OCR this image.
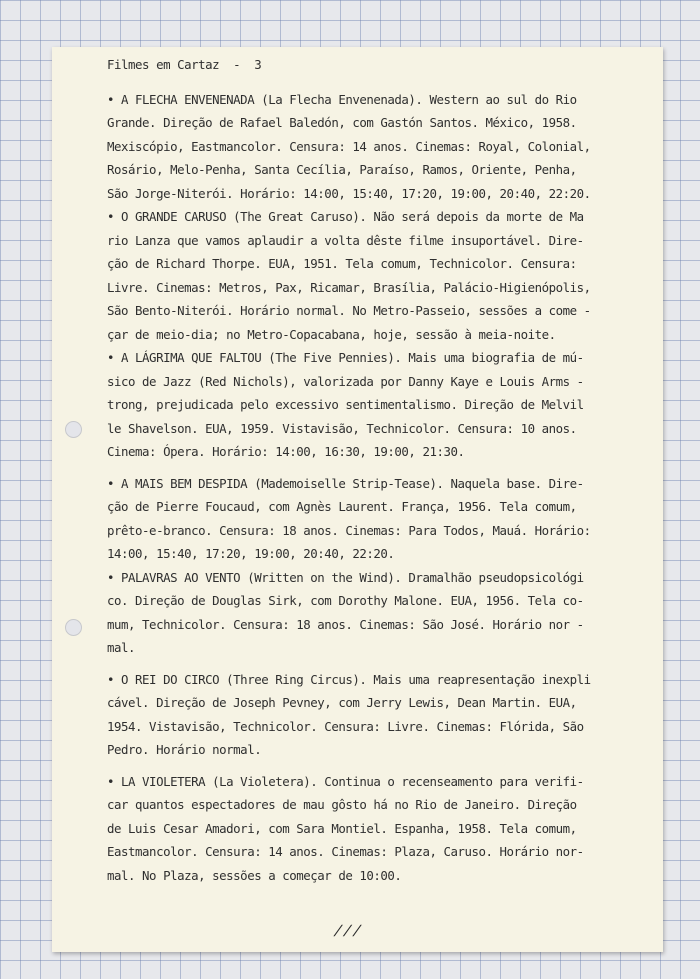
Filmes em Cartaz  -  3
• A FLECHA ENVENENADA (La Flecha Envenenada). Western ao sul do Rio
Grande. Direção de Rafael Baledón, com Gastón Santos. México, 1958.
Mexiscópio, Eastmancolor. Censura: 14 anos. Cinemas: Royal, Colonial,
Rosário, Melo-Penha, Santa Cecília, Paraíso, Ramos, Oriente, Penha,
São Jorge-Niterói. Horário: 14:00, 15:40, 17:20, 19:00, 20:40, 22:20.
• O GRANDE CARUSO (The Great Caruso). Não será depois da morte de Ma
rio Lanza que vamos aplaudir a volta dêste filme insuportável. Dire-
ção de Richard Thorpe. EUA, 1951. Tela comum, Technicolor. Censura:
Livre. Cinemas: Metros, Pax, Ricamar, Brasília, Palácio-Higienópolis,
São Bento-Niterói. Horário normal. No Metro-Passeio, sessões a come -
çar de meio-dia; no Metro-Copacabana, hoje, sessão à meia-noite.
• A LÁGRIMA QUE FALTOU (The Five Pennies). Mais uma biografia de mú-
sico de Jazz (Red Nichols), valorizada por Danny Kaye e Louis Arms -
trong, prejudicada pelo excessivo sentimentalismo. Direção de Melvil
le Shavelson. EUA, 1959. Vistavisão, Technicolor. Censura: 10 anos.
Cinema: Ópera. Horário: 14:00, 16:30, 19:00, 21:30.
• A MAIS BEM DESPIDA (Mademoiselle Strip-Tease). Naquela base. Dire-
ção de Pierre Foucaud, com Agnès Laurent. França, 1956. Tela comum,
prêto-e-branco. Censura: 18 anos. Cinemas: Para Todos, Mauá. Horário:
14:00, 15:40, 17:20, 19:00, 20:40, 22:20.
• PALAVRAS AO VENTO (Written on the Wind). Dramalhão pseudopsicológi
co. Direção de Douglas Sirk, com Dorothy Malone. EUA, 1956. Tela co-
mum, Technicolor. Censura: 18 anos. Cinemas: São José. Horário nor -
mal.
• O REI DO CIRCO (Three Ring Circus). Mais uma reapresentação inexpli
cável. Direção de Joseph Pevney, com Jerry Lewis, Dean Martin. EUA,
1954. Vistavisão, Technicolor. Censura: Livre. Cinemas: Flórida, São
Pedro. Horário normal.
• LA VIOLETERA (La Violetera). Continua o recenseamento para verifi-
car quantos espectadores de mau gôsto há no Rio de Janeiro. Direção
de Luis Cesar Amadori, com Sara Montiel. Espanha, 1958. Tela comum,
Eastmancolor. Censura: 14 anos. Cinemas: Plaza, Caruso. Horário nor-
mal. No Plaza, sessões a começar de 10:00.
///
